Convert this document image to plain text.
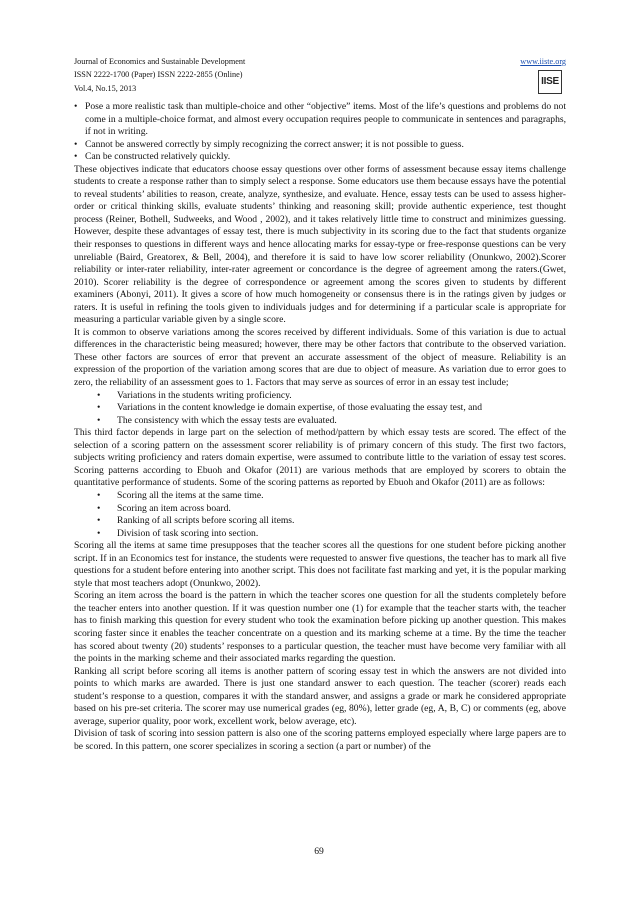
Journal of Economics and Sustainable Development
ISSN 2222-1700 (Paper) ISSN 2222-2855 (Online)
Vol.4, No.15, 2013
www.iiste.org
IISE
• Pose a more realistic task than multiple-choice and other “objective” items. Most of the life’s questions and problems do not come in a multiple-choice format, and almost every occupation requires people to communicate in sentences and paragraphs, if not in writing.
• Cannot be answered correctly by simply recognizing the correct answer; it is not possible to guess.
• Can be constructed relatively quickly.

These objectives indicate that educators choose essay questions over other forms of assessment because essay items challenge students to create a response rather than to simply select a response. Some educators use them because essays have the potential to reveal students’ abilities to reason, create, analyze, synthesize, and evaluate. Hence, essay tests can be used to assess higher-order or critical thinking skills, evaluate students’ thinking and reasoning skill; provide authentic experience, test thought process (Reiner, Bothell, Sudweeks, and Wood , 2002), and it takes relatively little time to construct and minimizes guessing. However, despite these advantages of essay test, there is much subjectivity in its scoring due to the fact that students organize their responses to questions in different ways and hence allocating marks for essay-type or free-response questions can be very unreliable (Baird, Greatorex, & Bell, 2004), and therefore it is said to have low scorer reliability (Onunkwo, 2002).Scorer reliability or inter-rater reliability, inter-rater agreement or concordance is the degree of agreement among the raters.(Gwet, 2010). Scorer reliability is the degree of correspondence or agreement among the scores given to students by different examiners (Abonyi, 2011). It gives a score of how much homogeneity or consensus there is in the ratings given by judges or raters. It is useful in refining the tools given to individuals judges and for determining if a particular scale is appropriate for measuring a particular variable given by a single score.

It is common to observe variations among the scores received by different individuals. Some of this variation is due to actual differences in the characteristic being measured; however, there may be other factors that contribute to the observed variation. These other factors are sources of error that prevent an accurate assessment of the object of measure. Reliability is an expression of the proportion of the variation among scores that are due to object of measure. As variation due to error goes to zero, the reliability of an assessment goes to 1. Factors that may serve as sources of error in an essay test include;

• Variations in the students writing proficiency.
• Variations in the content knowledge ie domain expertise, of those evaluating the essay test, and
• The consistency with which the essay tests are evaluated.

This third factor depends in large part on the selection of method/pattern by which essay tests are scored. The effect of the selection of a scoring pattern on the assessment scorer reliability is of primary concern of this study. The first two factors, subjects writing proficiency and raters domain expertise, were assumed to contribute little to the variation of essay test scores. Scoring patterns according to Ebuoh and Okafor (2011) are various methods that are employed by scorers to obtain the quantitative performance of students. Some of the scoring patterns as reported by Ebuoh and Okafor (2011) are as follows:

• Scoring all the items at the same time.
• Scoring an item across board.
• Ranking of all scripts before scoring all items.
• Division of task scoring into section.

Scoring all the items at same time presupposes that the teacher scores all the questions for one student before picking another script. If in an Economics test for instance, the students were requested to answer five questions, the teacher has to mark all five questions for a student before entering into another script. This does not facilitate fast marking and yet, it is the popular marking style that most teachers adopt (Onunkwo, 2002).

Scoring an item across the board is the pattern in which the teacher scores one question for all the students completely before the teacher enters into another question. If it was question number one (1) for example that the teacher starts with, the teacher has to finish marking this question for every student who took the examination before picking up another question. This makes scoring faster since it enables the teacher concentrate on a question and its marking scheme at a time. By the time the teacher has scored about twenty (20) students’ responses to a particular question, the teacher must have become very familiar with all the points in the marking scheme and their associated marks regarding the question.

Ranking all script before scoring all items is another pattern of scoring essay test in which the answers are not divided into points to which marks are awarded. There is just one standard answer to each question. The teacher (scorer) reads each student’s response to a question, compares it with the standard answer, and assigns a grade or mark he considered appropriate based on his pre-set criteria. The scorer may use numerical grades (eg, 80%), letter grade (eg, A, B, C) or comments (eg, above average, superior quality, poor work, excellent work, below average, etc).

Division of task of scoring into session pattern is also one of the scoring patterns employed especially where large papers are to be scored. In this pattern, one scorer specializes in scoring a section (a part or number) of the

69
